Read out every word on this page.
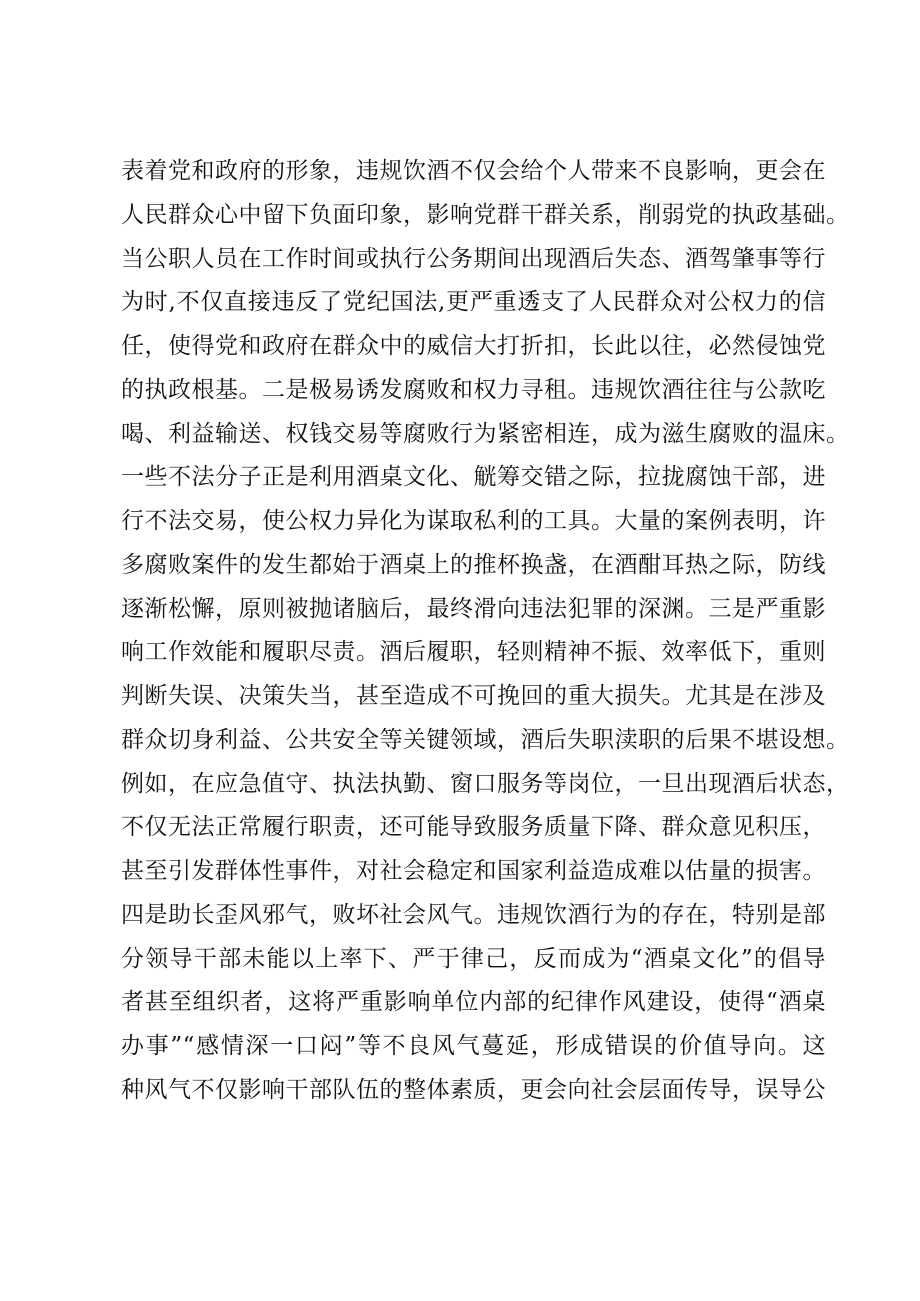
表着党和政府的形象，违规饮酒不仅会给个人带来不良影响，更会在
人民群众心中留下负面印象，影响党群干群关系，削弱党的执政基础。
当公职人员在工作时间或执行公务期间出现酒后失态、酒驾肇事等行
为时,不仅直接违反了党纪国法,更严重透支了人民群众对公权力的信
任，使得党和政府在群众中的威信大打折扣，长此以往，必然侵蚀党
的执政根基。二是极易诱发腐败和权力寻租。违规饮酒往往与公款吃
喝、利益输送、权钱交易等腐败行为紧密相连，成为滋生腐败的温床。
一些不法分子正是利用酒桌文化、觥筹交错之际，拉拢腐蚀干部，进
行不法交易，使公权力异化为谋取私利的工具。大量的案例表明，许
多腐败案件的发生都始于酒桌上的推杯换盏，在酒酣耳热之际，防线
逐渐松懈，原则被抛诸脑后，最终滑向违法犯罪的深渊。三是严重影
响工作效能和履职尽责。酒后履职，轻则精神不振、效率低下，重则
判断失误、决策失当，甚至造成不可挽回的重大损失。尤其是在涉及
群众切身利益、公共安全等关键领域，酒后失职渎职的后果不堪设想。
例如，在应急值守、执法执勤、窗口服务等岗位，一旦出现酒后状态，
不仅无法正常履行职责，还可能导致服务质量下降、群众意见积压，
甚至引发群体性事件，对社会稳定和国家利益造成难以估量的损害。
四是助长歪风邪气，败坏社会风气。违规饮酒行为的存在，特别是部
分领导干部未能以上率下、严于律己，反而成为“酒桌文化”的倡导
者甚至组织者，这将严重影响单位内部的纪律作风建设，使得“酒桌
办事”“感情深一口闷”等不良风气蔓延，形成错误的价值导向。这
种风气不仅影响干部队伍的整体素质，更会向社会层面传导，误导公
